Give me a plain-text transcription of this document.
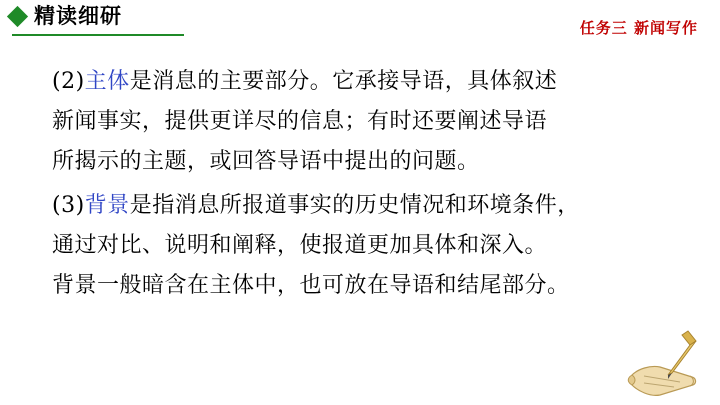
精读细研	任务三 新闻写作
(2)主体是消息的主要部分。它承接导语，具体叙述
新闻事实，提供更详尽的信息；有时还要阐述导语
所揭示的主题，或回答导语中提出的问题。
(3)背景是指消息所报道事实的历史情况和环境条件，
通过对比、说明和阐释，使报道更加具体和深入。
背景一般暗含在主体中，也可放在导语和结尾部分。
